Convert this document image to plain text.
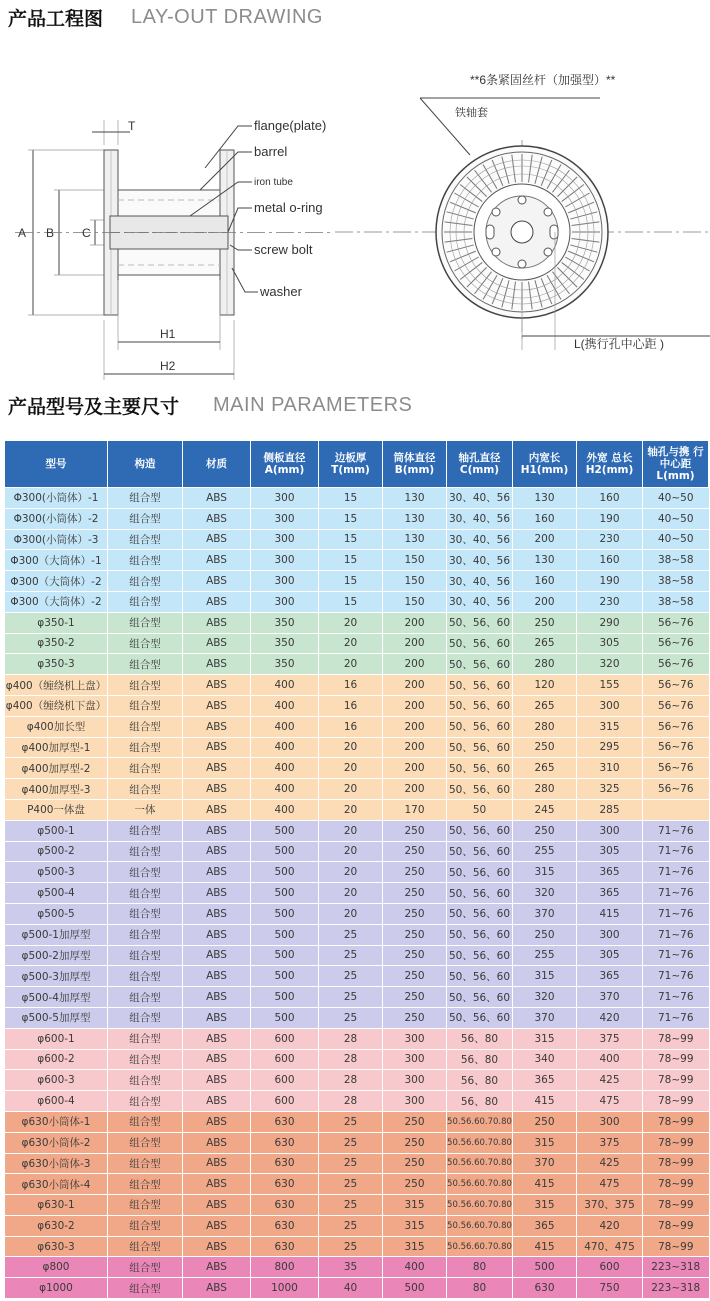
产品工程图 LAY-OUT DRAWING
A B C
T
H1
H2
flange(plate)
barrel
iron tube
metal o-ring
screw bolt
washer
**6条紧固丝杆（加强型）**
铁轴套
L(携行孔中心距 )
产品型号及主要尺寸 MAIN PARAMETERS
型号	构造	材质	侧板直径 A(mm)	边板厚 T(mm)	筒体直径 B(mm)	轴孔直径 C(mm)	内宽长 H1(mm)	外宽 总长 H2(mm)	轴孔与携 行中心距 L(mm)
Φ300(小筒体）-1	组合型	ABS	300	15	130	30、40、56	130	160	40~50
Φ300(小筒体）-2	组合型	ABS	300	15	130	30、40、56	160	190	40~50
Φ300(小筒体）-3	组合型	ABS	300	15	130	30、40、56	200	230	40~50
Φ300（大筒体）-1	组合型	ABS	300	15	150	30、40、56	130	160	38~58
Φ300（大筒体）-2	组合型	ABS	300	15	150	30、40、56	160	190	38~58
Φ300（大筒体）-2	组合型	ABS	300	15	150	30、40、56	200	230	38~58
φ350-1	组合型	ABS	350	20	200	50、56、60	250	290	56~76
φ350-2	组合型	ABS	350	20	200	50、56、60	265	305	56~76
φ350-3	组合型	ABS	350	20	200	50、56、60	280	320	56~76
φ400（缠绕机上盘）	组合型	ABS	400	16	200	50、56、60	120	155	56~76
φ400（缠绕机下盘）	组合型	ABS	400	16	200	50、56、60	265	300	56~76
φ400加长型	组合型	ABS	400	16	200	50、56、60	280	315	56~76
φ400加厚型-1	组合型	ABS	400	20	200	50、56、60	250	295	56~76
φ400加厚型-2	组合型	ABS	400	20	200	50、56、60	265	310	56~76
φ400加厚型-3	组合型	ABS	400	20	200	50、56、60	280	325	56~76
P400一体盘	一体	ABS	400	20	170	50	245	285	
φ500-1	组合型	ABS	500	20	250	50、56、60	250	300	71~76
φ500-2	组合型	ABS	500	20	250	50、56、60	255	305	71~76
φ500-3	组合型	ABS	500	20	250	50、56、60	315	365	71~76
φ500-4	组合型	ABS	500	20	250	50、56、60	320	365	71~76
φ500-5	组合型	ABS	500	20	250	50、56、60	370	415	71~76
φ500-1加厚型	组合型	ABS	500	25	250	50、56、60	250	300	71~76
φ500-2加厚型	组合型	ABS	500	25	250	50、56、60	255	305	71~76
φ500-3加厚型	组合型	ABS	500	25	250	50、56、60	315	365	71~76
φ500-4加厚型	组合型	ABS	500	25	250	50、56、60	320	370	71~76
φ500-5加厚型	组合型	ABS	500	25	250	50、56、60	370	420	71~76
φ600-1	组合型	ABS	600	28	300	56、80	315	375	78~99
φ600-2	组合型	ABS	600	28	300	56、80	340	400	78~99
φ600-3	组合型	ABS	600	28	300	56、80	365	425	78~99
φ600-4	组合型	ABS	600	28	300	56、80	415	475	78~99
φ630小筒体-1	组合型	ABS	630	25	250	50.56.60.70.80	250	300	78~99
φ630小筒体-2	组合型	ABS	630	25	250	50.56.60.70.80	315	375	78~99
φ630小筒体-3	组合型	ABS	630	25	250	50.56.60.70.80	370	425	78~99
φ630小筒体-4	组合型	ABS	630	25	250	50.56.60.70.80	415	475	78~99
φ630-1	组合型	ABS	630	25	315	50.56.60.70.80	315	370、375	78~99
φ630-2	组合型	ABS	630	25	315	50.56.60.70.80	365	420	78~99
φ630-3	组合型	ABS	630	25	315	50.56.60.70.80	415	470、475	78~99
φ800	组合型	ABS	800	35	400	80	500	600	223~318
φ1000	组合型	ABS	1000	40	500	80	630	750	223~318
